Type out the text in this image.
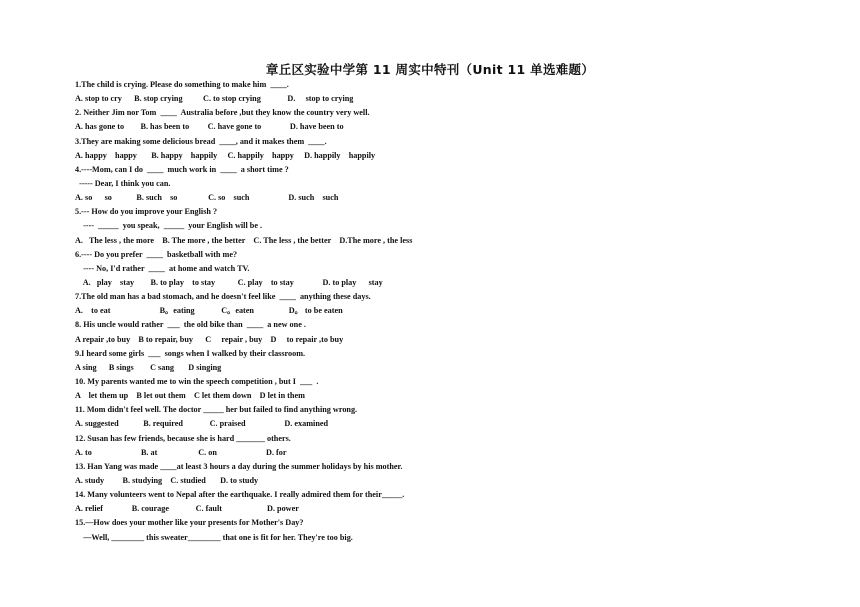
章丘区实验中学第 11 周实中特刊（Unit 11 单选难题）
1.The child is crying. Please do something to make him  ____.
A. stop to cry      B. stop crying          C. to stop crying             D.     stop to crying
2. Neither Jim nor Tom  ____  Australia before ,but they know the country very well.
A. has gone to        B. has been to         C. have gone to              D. have been to
3.They are making some delicious bread  ____, and it makes them  ____.
A. happy    happy       B. happy    happily     C. happily    happy     D. happily    happily
4.----Mom, can I do  ____  much work in  ____  a short time ?
----- Dear, I think you can.
A. so      so            B. such    so               C. so    such                   D. such    such
5.--- How do you improve your English ?
----  _____  you speak,  _____  your English will be .
A.   The less , the more    B. The more , the better    C. The less , the better    D.The more , the less
6.---- Do you prefer  ____  basketball with me?
---- No, I'd rather  ____  at home and watch TV.
A.   play    stay        B. to play    to stay           C. play    to stay              D. to play      stay
7.The old man has a bad stomach, and he doesn't feel like  ____  anything these days.
A.    to eat                        B。eating             C。eaten                 D。 to be eaten
8. His uncle would rather  ___  the old bike than  ____  a new one .
A repair ,to buy    B to repair, buy      C     repair , buy    D     to repair ,to buy
9.I heard some girls  ___  songs when I walked by their classroom.
A sing      B sings        C sang       D singing
10. My parents wanted me to win the speech competition , but I  ___  .
A    let them up    B let out them    C let them down    D let in them
11. Mom didn't feel well. The doctor _____ her but failed to find anything wrong.
A. suggested            B. required             C. praised                   D. examined
12. Susan has few friends, because she is hard _______ others.
A. to                        B. at                    C. on                        D. for
13. Han Yang was made ____at least 3 hours a day during the summer holidays by his mother.
A. study         B. studying    C. studied       D. to study
14. Many volunteers went to Nepal after the earthquake. I really admired them for their_____.
A. relief              B. courage             C. fault                      D. power
15.—How does your mother like your presents for Mother's Day?
—Well, ________ this sweater________ that one is fit for her. They're too big.
